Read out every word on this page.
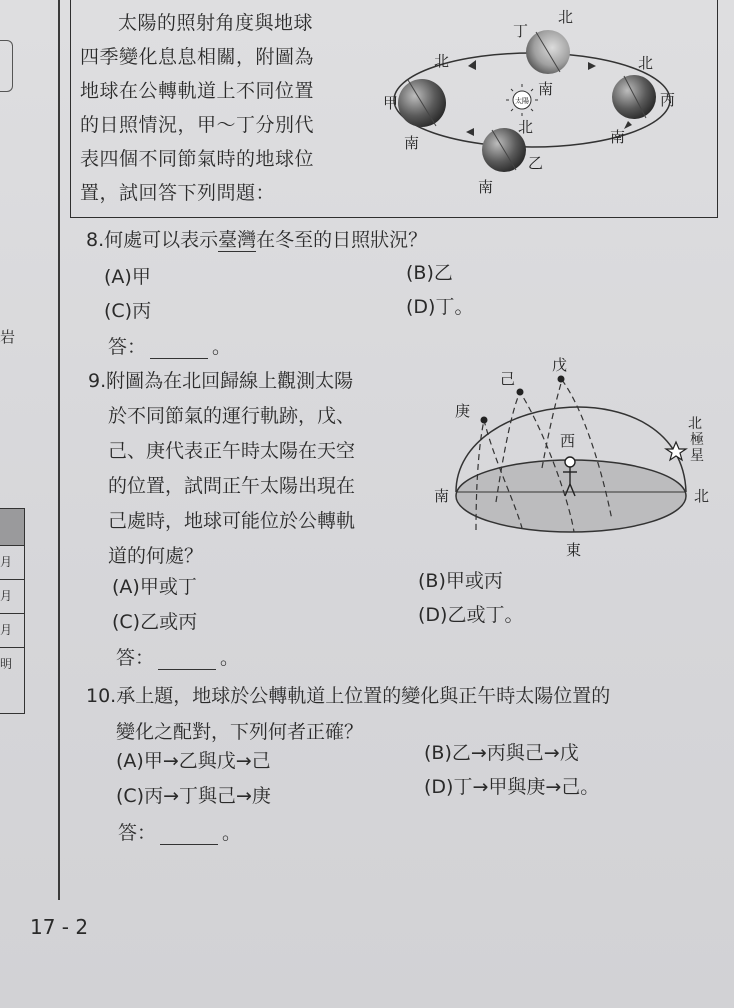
岩
月
月
月
明
太陽的照射角度與地球
四季變化息息相關，附圖為
地球在公轉軌道上不同位置
的日照情況，甲～丁分別代
表四個不同節氣時的地球位
置，試回答下列問題：
太陽
甲
北
南
丁
北
南
丙
北
南
乙
北
南
8.何處可以表示臺灣在冬至的日照狀況？
(A)甲	(B)乙
(C)丙	(D)丁。
答：	。
9.附圖為在北回歸線上觀測太陽
於不同節氣的運行軌跡，戊、
己、庚代表正午時太陽在天空
的位置，試問正午太陽出現在
己處時，地球可能位於公轉軌
道的何處？
庚
己
戊
西
東
南	北
北
極
星
(A)甲或丁	(B)甲或丙
(C)乙或丙	(D)乙或丁。
答：	。
10.承上題，地球於公轉軌道上位置的變化與正午時太陽位置的
變化之配對，下列何者正確？
(A)甲→乙與戊→己	(B)乙→丙與己→戊
(C)丙→丁與己→庚	(D)丁→甲與庚→己。
答：	。
17 - 2
